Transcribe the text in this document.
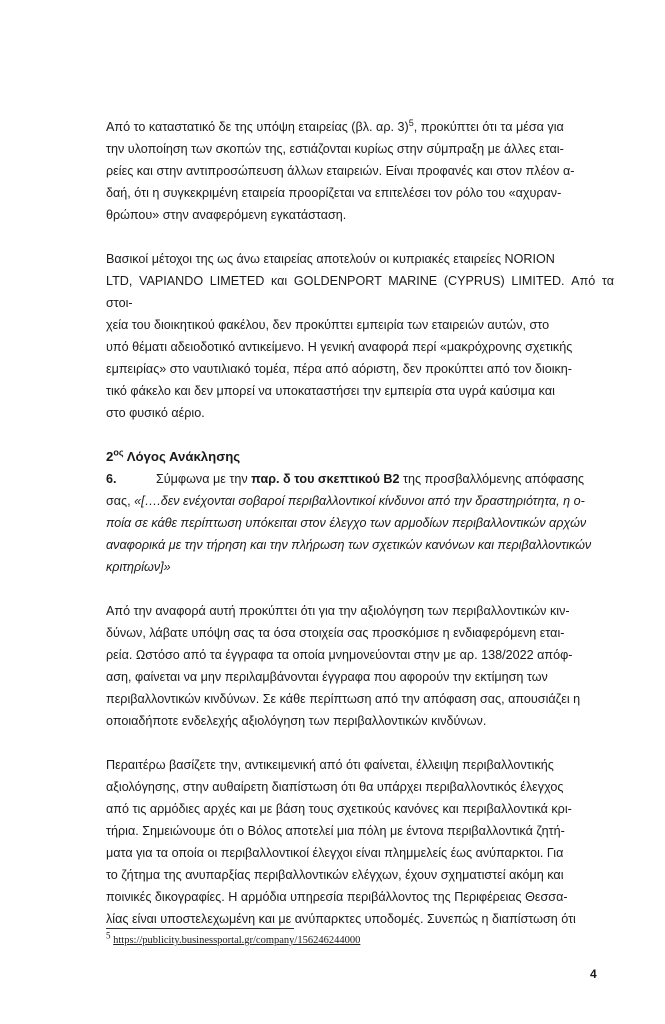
Από το καταστατικό δε της υπόψη εταιρείας (βλ. αρ. 3)$^5$, προκύπτει ότι τα μέσα για
την υλοποίηση των σκοπών της, εστιάζονται κυρίως στην σύμπραξη με άλλες εται-
ρείες και στην αντιπροσώπευση άλλων εταιρειών. Είναι προφανές και στον πλέον α-
δαή, ότι η συγκεκριμένη εταιρεία προορίζεται να επιτελέσει τον ρόλο του «αχυραν-
θρώπου» στην αναφερόμενη εγκατάσταση.

Βασικοί μέτοχοι της ως άνω εταιρείας αποτελούν οι κυπριακές εταιρείες NORION
LTD, VAPIANDO LIMETED και GOLDENPORT MARINE (CYPRUS) LIMITED. Από τα στοι-
χεία του διοικητικού φακέλου, δεν προκύπτει εμπειρία των εταιρειών αυτών, στο
υπό θέματι αδειοδοτικό αντικείμενο. Η γενική αναφορά περί «μακρόχρονης σχετικής
εμπειρίας» στο ναυτιλιακό τομέα, πέρα από αόριστη, δεν προκύπτει από τον διοικη-
τικό φάκελο και δεν μπορεί να υποκαταστήσει την εμπειρία στα υγρά καύσιμα και
στο φυσικό αέριο.

$2^{o\varsigma}$ Λόγος Ανάκλησης

6.	Σύμφωνα με την παρ. δ του σκεπτικού Β2 της προσβαλλόμενης απόφασης
σας, «[….δεν ενέχονται σοβαροί περιβαλλοντικοί κίνδυνοι από την δραστηριότητα, η ο-
ποία σε κάθε περίπτωση υπόκειται στον έλεγχο των αρμοδίων περιβαλλοντικών αρχών
αναφορικά με την τήρηση και την πλήρωση των σχετικών κανόνων και περιβαλλοντικών
κριτηρίων]»

Από την αναφορά αυτή προκύπτει ότι για την αξιολόγηση των περιβαλλοντικών κιν-
δύνων, λάβατε υπόψη σας τα όσα στοιχεία σας προσκόμισε η ενδιαφερόμενη εται-
ρεία. Ωστόσο από τα έγγραφα τα οποία μνημονεύονται στην με αρ. 138/2022 απόφ-
αση, φαίνεται να μην περιλαμβάνονται έγγραφα που αφορούν την εκτίμηση των
περιβαλλοντικών κινδύνων. Σε κάθε περίπτωση από την απόφαση σας, απουσιάζει η
οποιαδήποτε ενδελεχής αξιολόγηση των περιβαλλοντικών κινδύνων.

Περαιτέρω βασίζετε την, αντικειμενική από ότι φαίνεται, έλλειψη περιβαλλοντικής
αξιολόγησης, στην αυθαίρετη διαπίστωση ότι θα υπάρχει περιβαλλοντικός έλεγχος
από τις αρμόδιες αρχές και με βάση τους σχετικούς κανόνες και περιβαλλοντικά κρι-
τήρια. Σημειώνουμε ότι ο Βόλος αποτελεί μια πόλη με έντονα περιβαλλοντικά ζητή-
ματα για τα οποία οι περιβαλλοντικοί έλεγχοι είναι πλημμελείς έως ανύπαρκτοι. Για
το ζήτημα της ανυπαρξίας περιβαλλοντικών ελέγχων, έχουν σχηματιστεί ακόμη και
ποινικές δικογραφίες. Η αρμόδια υπηρεσία περιβάλλοντος της Περιφέρειας Θεσσα-
λίας είναι υποστελεχωμένη και με ανύπαρκτες υποδομές. Συνεπώς η διαπίστωση ότι

$^5$ https://publicity.businessportal.gr/company/156246244000
4
